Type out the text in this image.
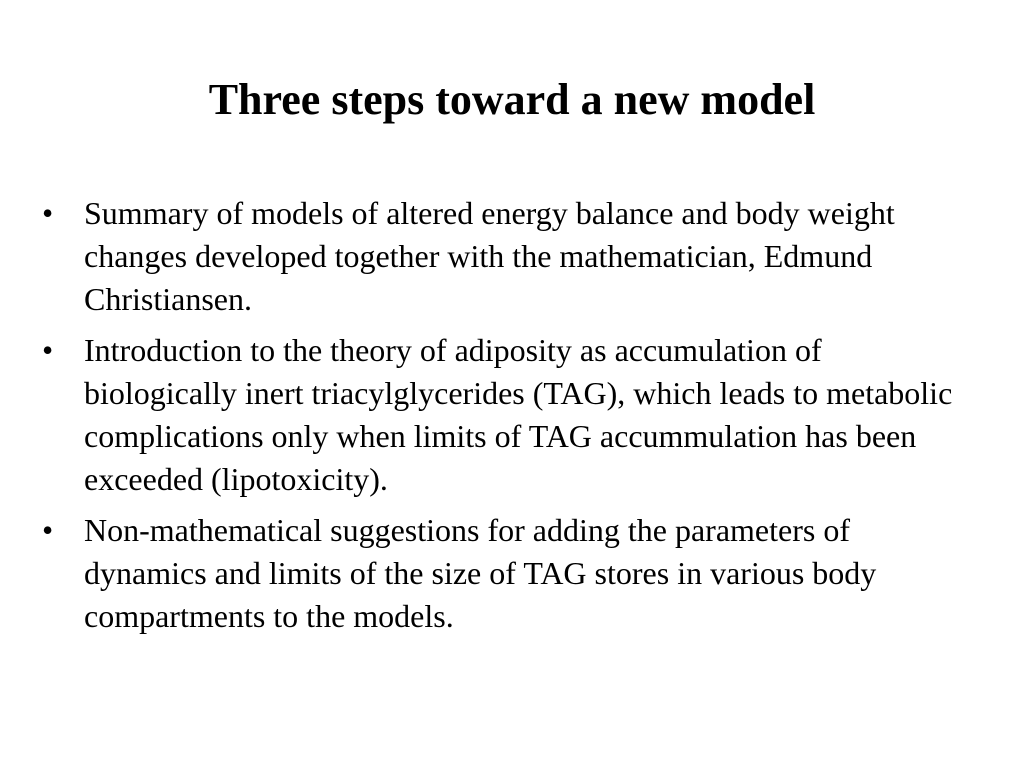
Three steps toward a new model
• Summary of models of altered energy balance and body weight changes developed together with the mathematician, Edmund Christiansen.
• Introduction to the theory of adiposity as accumulation of biologically inert triacylglycerides (TAG), which leads to metabolic complications only when limits of TAG accummulation has been exceeded (lipotoxicity).
• Non-mathematical suggestions for adding the parameters of dynamics and limits of the size of TAG stores in various body compartments to the models.
